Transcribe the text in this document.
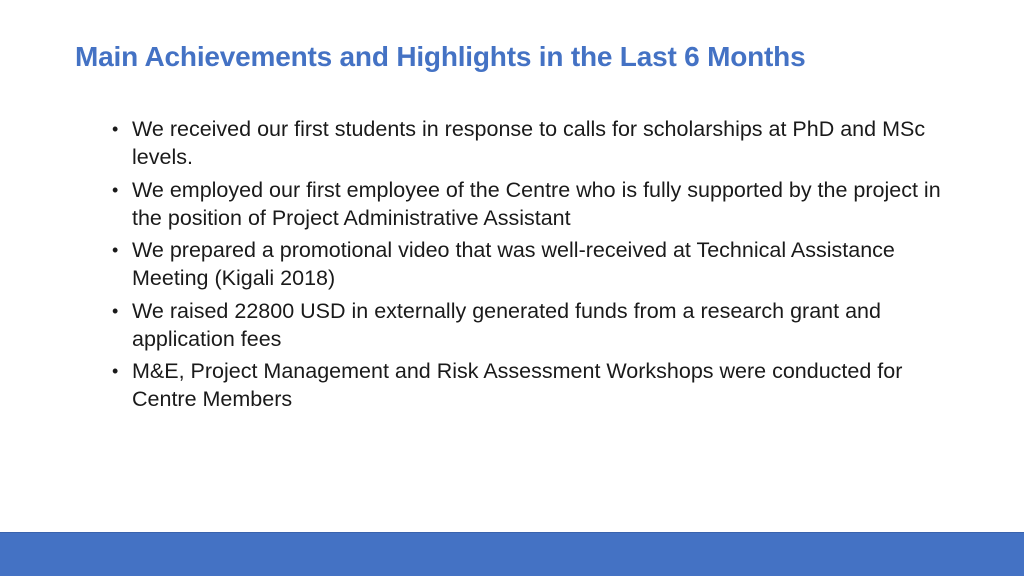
Main Achievements and Highlights in the Last 6 Months
• We received our first students in response to calls for scholarships at PhD and MSc levels.
• We employed our first employee of the Centre who is fully supported by the project in the position of Project Administrative Assistant
• We prepared a promotional video that was well-received at Technical Assistance Meeting (Kigali 2018)
• We raised 22800 USD in externally generated funds from a research grant and application fees
• M&E, Project Management and Risk Assessment Workshops were conducted for Centre Members
